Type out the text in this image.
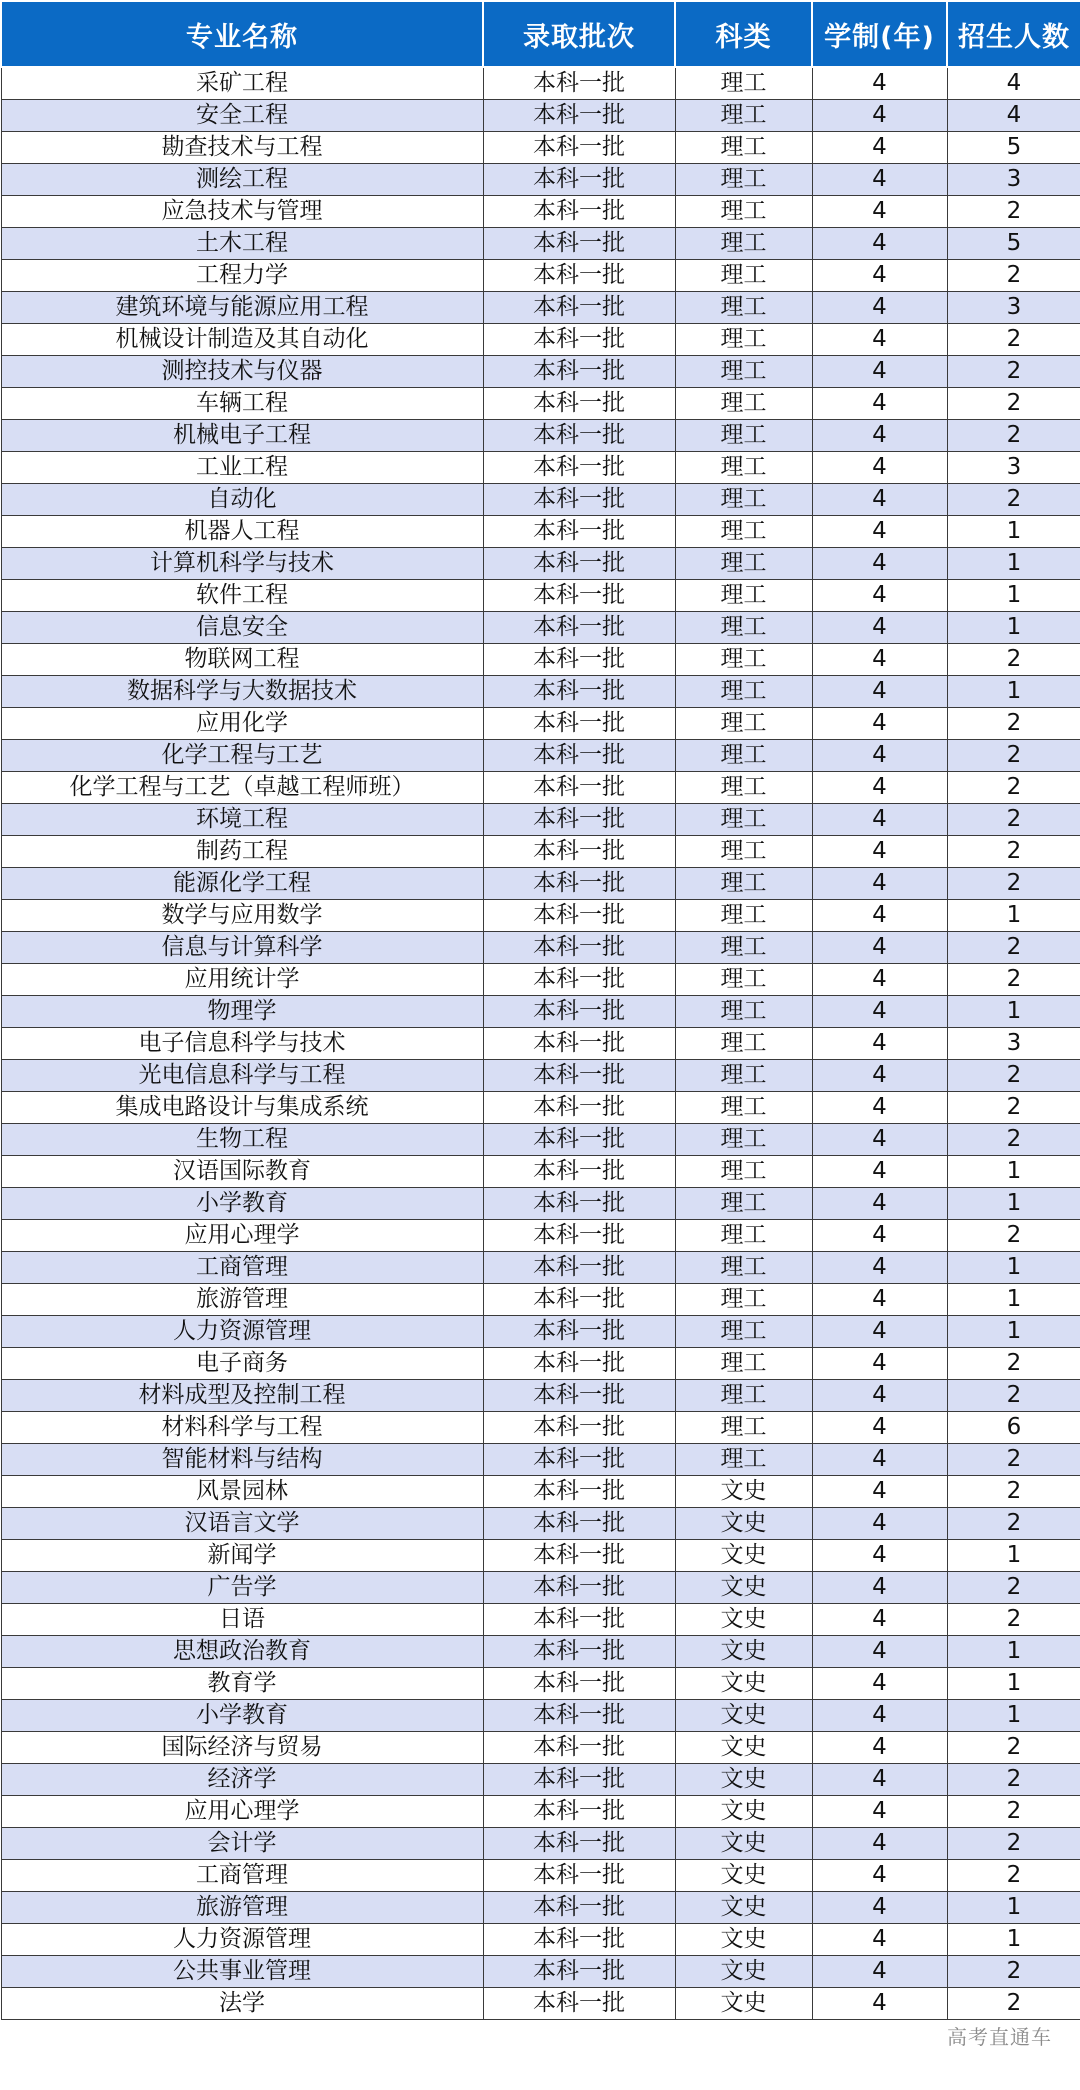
专业名称	录取批次	科类	学制(年)	招生人数
采矿工程	本科一批	理工	4	4
安全工程	本科一批	理工	4	4
勘查技术与工程	本科一批	理工	4	5
测绘工程	本科一批	理工	4	3
应急技术与管理	本科一批	理工	4	2
土木工程	本科一批	理工	4	5
工程力学	本科一批	理工	4	2
建筑环境与能源应用工程	本科一批	理工	4	3
机械设计制造及其自动化	本科一批	理工	4	2
测控技术与仪器	本科一批	理工	4	2
车辆工程	本科一批	理工	4	2
机械电子工程	本科一批	理工	4	2
工业工程	本科一批	理工	4	3
自动化	本科一批	理工	4	2
机器人工程	本科一批	理工	4	1
计算机科学与技术	本科一批	理工	4	1
软件工程	本科一批	理工	4	1
信息安全	本科一批	理工	4	1
物联网工程	本科一批	理工	4	2
数据科学与大数据技术	本科一批	理工	4	1
应用化学	本科一批	理工	4	2
化学工程与工艺	本科一批	理工	4	2
化学工程与工艺（卓越工程师班）	本科一批	理工	4	2
环境工程	本科一批	理工	4	2
制药工程	本科一批	理工	4	2
能源化学工程	本科一批	理工	4	2
数学与应用数学	本科一批	理工	4	1
信息与计算科学	本科一批	理工	4	2
应用统计学	本科一批	理工	4	2
物理学	本科一批	理工	4	1
电子信息科学与技术	本科一批	理工	4	3
光电信息科学与工程	本科一批	理工	4	2
集成电路设计与集成系统	本科一批	理工	4	2
生物工程	本科一批	理工	4	2
汉语国际教育	本科一批	理工	4	1
小学教育	本科一批	理工	4	1
应用心理学	本科一批	理工	4	2
工商管理	本科一批	理工	4	1
旅游管理	本科一批	理工	4	1
人力资源管理	本科一批	理工	4	1
电子商务	本科一批	理工	4	2
材料成型及控制工程	本科一批	理工	4	2
材料科学与工程	本科一批	理工	4	6
智能材料与结构	本科一批	理工	4	2
风景园林	本科一批	文史	4	2
汉语言文学	本科一批	文史	4	2
新闻学	本科一批	文史	4	1
广告学	本科一批	文史	4	2
日语	本科一批	文史	4	2
思想政治教育	本科一批	文史	4	1
教育学	本科一批	文史	4	1
小学教育	本科一批	文史	4	1
国际经济与贸易	本科一批	文史	4	2
经济学	本科一批	文史	4	2
应用心理学	本科一批	文史	4	2
会计学	本科一批	文史	4	2
工商管理	本科一批	文史	4	2
旅游管理	本科一批	文史	4	1
人力资源管理	本科一批	文史	4	1
公共事业管理	本科一批	文史	4	2
法学	本科一批	文史	4	2
高考直通车
